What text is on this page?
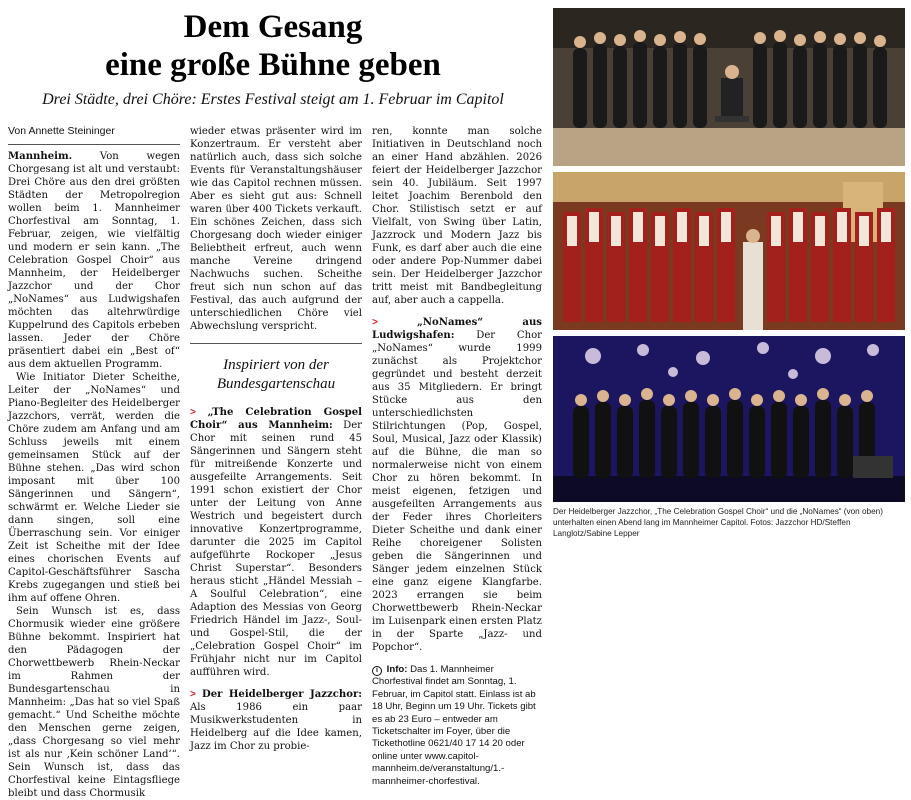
Dem Gesang
eine große Bühne geben
Drei Städte, drei Chöre: Erstes Festival steigt am 1. Februar im Capitol
Von Annette Steininger

Mannheim. Von wegen Chorgesang ist alt und verstaubt: Drei Chöre aus den drei größten Städten der Metropolregion wollen beim 1. Mannheimer Chorfestival am Sonntag, 1. Februar, zeigen, wie vielfältig und modern er sein kann. „The Celebration Gospel Choir“ aus Mannheim, der Heidelberger Jazzchor und der Chor „NoNames“ aus Ludwigshafen möchten das altehrwürdige Kuppelrund des Capitols erbeben lassen. Jeder der Chöre präsentiert dabei ein „Best of“ aus dem aktuellen Programm.

Wie Initiator Dieter Scheithe, Leiter der „NoNames“ und Piano-Begleiter des Heidelberger Jazzchors, verrät, werden die Chöre zudem am Anfang und am Schluss jeweils mit einem gemeinsamen Stück auf der Bühne stehen. „Das wird schon imposant mit über 100 Sängerinnen und Sängern“, schwärmt er. Welche Lieder sie dann singen, soll eine Überraschung sein. Vor einiger Zeit ist Scheithe mit der Idee eines chorischen Events auf Capitol-Geschäftsführer Sascha Krebs zugegangen und stieß bei ihm auf offene Ohren.

Sein Wunsch ist es, dass Chormusik wieder eine größere Bühne bekommt. Inspiriert hat den Pädagogen der Chorwettbewerb Rhein-Neckar im Rahmen der Bundesgartenschau in Mannheim: „Das hat so viel Spaß gemacht.“ Und Scheithe möchte den Menschen gerne zeigen, „dass Chorgesang so viel mehr ist als nur ‚Kein schöner Land‘“. Sein Wunsch ist, dass das Chorfestival keine Eintagsfliege bleibt und dass Chormusik

wieder etwas präsenter wird im Konzertraum. Er versteht aber natürlich auch, dass sich solche Events für Veranstaltungshäuser wie das Capitol rechnen müssen. Aber es sieht gut aus: Schnell waren über 400 Tickets verkauft. Ein schönes Zeichen, dass sich Chorgesang doch wieder einiger Beliebtheit erfreut, auch wenn manche Vereine dringend Nachwuchs suchen. Scheithe freut sich nun schon auf das Festival, das auch aufgrund der unterschiedlichen Chöre viel Abwechslung verspricht.

Inspiriert von der Bundesgartenschau

> „The Celebration Gospel Choir“ aus Mannheim: Der Chor mit seinen rund 45 Sängerinnen und Sängern steht für mitreißende Konzerte und ausgefeilte Arrangements. Seit 1991 schon existiert der Chor unter der Leitung von Anne Westrich und begeistert durch innovative Konzertprogramme, darunter die 2025 im Capitol aufgeführte Rockoper „Jesus Christ Superstar“. Besonders heraus sticht „Händel Messiah – A Soulful Celebration“, eine Adaption des Messias von Georg Friedrich Händel im Jazz-, Soul- und Gospel-Stil, die der „Celebration Gospel Choir“ im Frühjahr nicht nur im Capitol aufführen wird.

> Der Heidelberger Jazzchor: Als 1986 ein paar Musikwerkstudenten in Heidelberg auf die Idee kamen, Jazz im Chor zu probie-

ren, konnte man solche Initiativen in Deutschland noch an einer Hand abzählen. 2026 feiert der Heidelberger Jazzchor sein 40. Jubiläum. Seit 1997 leitet Joachim Berenbold den Chor. Stilistisch setzt er auf Vielfalt, von Swing über Latin, Jazzrock und Modern Jazz bis Funk, es darf aber auch die eine oder andere Pop-Nummer dabei sein. Der Heidelberger Jazzchor tritt meist mit Bandbegleitung auf, aber auch a cappella.

>	„NoNames“ aus Ludwigshafen: Der Chor „NoNames“ wurde 1999 zunächst als Projektchor gegründet und besteht derzeit aus 35 Mitgliedern. Er bringt Stücke aus den unterschiedlichsten Stilrichtungen (Pop, Gospel, Soul, Musical, Jazz oder Klassik) auf die Bühne, die man so normalerweise nicht von einem Chor zu hören bekommt. In meist eigenen, fetzigen und ausgefeilten Arrangements aus der Feder ihres Chorleiters Dieter Scheithe und dank einer Reihe choreigener Solisten geben die Sängerinnen und Sänger jedem einzelnen Stück eine ganz eigene Klangfarbe. 2023 errangen sie beim Chorwettbewerb Rhein-Neckar im Luisenpark einen ersten Platz in der Sparte „Jazz- und Popchor“.

i Info: Das 1. Mannheimer Chorfestival findet am Sonntag, 1. Februar, im Capitol statt. Einlass ist ab 18 Uhr, Beginn um 19 Uhr. Tickets gibt es ab 23 Euro – entweder am Ticketschalter im Foyer, über die Tickethotline 0621/40 17 14 20 oder online unter www.capitol-mannheim.de/veranstaltung/1.-mannheimer-chorfestival.
Der Heidelberger Jazzchor, „The Celebration Gospel Choir“ und die „NoNames“ (von oben) unterhalten einen Abend lang im Mannheimer Capitol. Fotos: Jazzchor HD/Steffen Langlotz/Sabine Lepper
